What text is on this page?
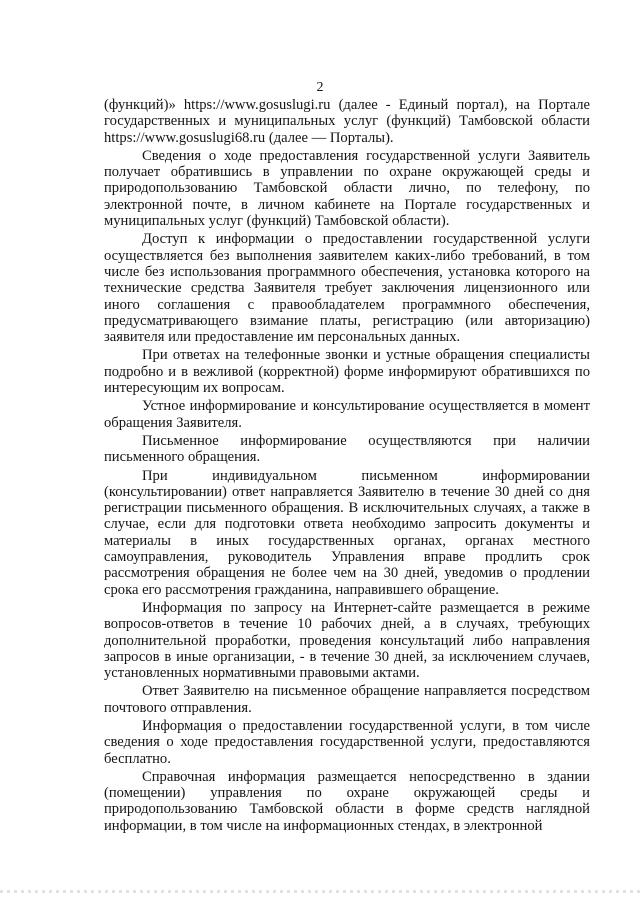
2

(функций)» https://www.gosuslugi.ru (далее - Единый портал), на Портале государственных и муниципальных услуг (функций) Тамбовской области https://www.gosuslugi68.ru (далее — Порталы).

Сведения о ходе предоставления государственной услуги Заявитель получает обратившись в управлении по охране окружающей среды и природопользованию Тамбовской области лично, по телефону, по электронной почте, в личном кабинете на Портале государственных и муниципальных услуг (функций) Тамбовской области).

Доступ к информации о предоставлении государственной услуги осуществляется без выполнения заявителем каких-либо требований, в том числе без использования программного обеспечения, установка которого на технические средства Заявителя требует заключения лицензионного или иного соглашения с правообладателем программного обеспечения, предусматривающего взимание платы, регистрацию (или авторизацию) заявителя или предоставление им персональных данных.

При ответах на телефонные звонки и устные обращения специалисты подробно и в вежливой (корректной) форме информируют обратившихся по интересующим их вопросам.

Устное информирование и консультирование осуществляется в момент обращения Заявителя.

Письменное информирование осуществляются при наличии письменного обращения.

При индивидуальном письменном информировании (консультировании) ответ направляется Заявителю в течение 30 дней со дня регистрации письменного обращения. В исключительных случаях, а также в случае, если для подготовки ответа необходимо запросить документы и материалы в иных государственных органах, органах местного самоуправления, руководитель Управления вправе продлить срок рассмотрения обращения не более чем на 30 дней, уведомив о продлении срока его рассмотрения гражданина, направившего обращение.

Информация по запросу на Интернет-сайте размещается в режиме вопросов-ответов в течение 10 рабочих дней, а в случаях, требующих дополнительной проработки, проведения консультаций либо направления запросов в иные организации, - в течение 30 дней, за исключением случаев, установленных нормативными правовыми актами.

Ответ Заявителю на письменное обращение направляется посредством почтового отправления.

Информация о предоставлении государственной услуги, в том числе сведения о ходе предоставления государственной услуги, предоставляются бесплатно.

Справочная информация размещается непосредственно в здании (помещении) управления по охране окружающей среды и природопользованию Тамбовской области в форме средств наглядной информации, в том числе на информационных стендах, в электронной
